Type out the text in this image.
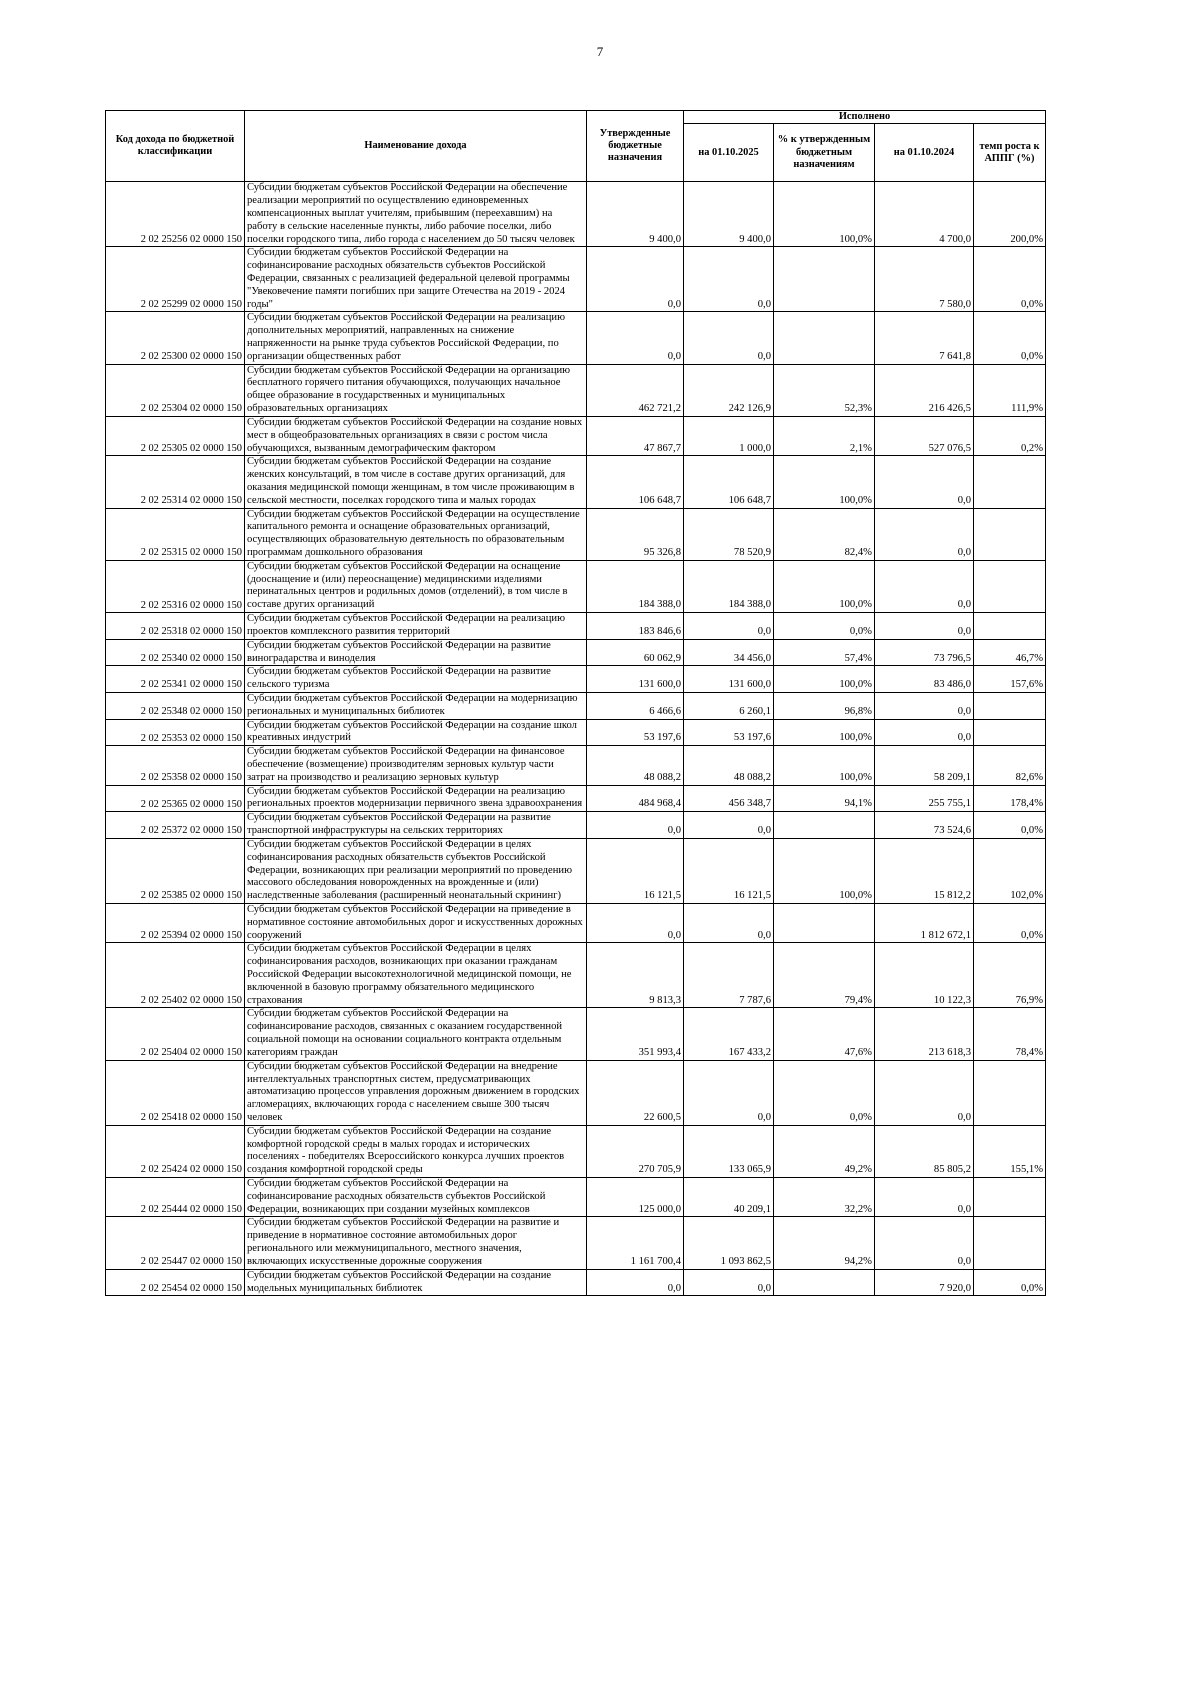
7
Код дохода по бюджетной классификации	Наименование дохода	Утвержденные бюджетные назначения	Исполнено			
			на 01.10.2025	% к утвержденным бюджетным назначениям	на 01.10.2024	темп роста к АППГ (%)
2 02 25256 02 0000 150	Субсидии бюджетам субъектов Российской Федерации на обеспечение реализации мероприятий по осуществлению единовременных компенсационных выплат учителям, прибывшим (переехавшим) на работу в сельские населенные пункты, либо рабочие поселки, либо поселки городского типа, либо города с населением до 50 тысяч человек	9 400,0	9 400,0	100,0%	4 700,0	200,0%
2 02 25299 02 0000 150	Субсидии бюджетам субъектов Российской Федерации на софинансирование расходных обязательств субъектов Российской Федерации, связанных с реализацией федеральной целевой программы "Увековечение памяти погибших при защите Отечества на 2019 - 2024 годы"	0,0	0,0		7 580,0	0,0%
2 02 25300 02 0000 150	Субсидии бюджетам субъектов Российской Федерации на реализацию дополнительных мероприятий, направленных на снижение напряженности на рынке труда субъектов Российской Федерации, по организации общественных работ	0,0	0,0		7 641,8	0,0%
2 02 25304 02 0000 150	Субсидии бюджетам субъектов Российской Федерации на организацию бесплатного горячего питания обучающихся, получающих начальное общее образование в государственных и муниципальных образовательных организациях	462 721,2	242 126,9	52,3%	216 426,5	111,9%
2 02 25305 02 0000 150	Субсидии бюджетам субъектов Российской Федерации на создание новых мест в общеобразовательных организациях в связи с ростом числа обучающихся, вызванным демографическим фактором	47 867,7	1 000,0	2,1%	527 076,5	0,2%
2 02 25314 02 0000 150	Субсидии бюджетам субъектов Российской Федерации на создание женских консультаций, в том числе в составе других организаций, для оказания медицинской помощи женщинам, в том числе проживающим в сельской местности, поселках городского типа и малых городах	106 648,7	106 648,7	100,0%	0,0	
2 02 25315 02 0000 150	Субсидии бюджетам субъектов Российской Федерации на осуществление капитального ремонта и оснащение образовательных организаций, осуществляющих образовательную деятельность по образовательным программам дошкольного образования	95 326,8	78 520,9	82,4%	0,0	
2 02 25316 02 0000 150	Субсидии бюджетам субъектов Российской Федерации на оснащение (дооснащение и (или) переоснащение) медицинскими изделиями перинатальных центров и родильных домов (отделений), в том числе в составе других организаций	184 388,0	184 388,0	100,0%	0,0	
2 02 25318 02 0000 150	Субсидии бюджетам субъектов Российской Федерации на реализацию проектов комплексного развития территорий	183 846,6	0,0	0,0%	0,0	
2 02 25340 02 0000 150	Субсидии бюджетам субъектов Российской Федерации на развитие виноградарства и виноделия	60 062,9	34 456,0	57,4%	73 796,5	46,7%
2 02 25341 02 0000 150	Субсидии бюджетам субъектов Российской Федерации на развитие сельского туризма	131 600,0	131 600,0	100,0%	83 486,0	157,6%
2 02 25348 02 0000 150	Субсидии бюджетам субъектов Российской Федерации на модернизацию региональных и муниципальных библиотек	6 466,6	6 260,1	96,8%	0,0	
2 02 25353 02 0000 150	Субсидии бюджетам субъектов Российской Федерации на создание школ креативных индустрий	53 197,6	53 197,6	100,0%	0,0	
2 02 25358 02 0000 150	Субсидии бюджетам субъектов Российской Федерации на финансовое обеспечение (возмещение) производителям зерновых культур части затрат на производство и реализацию зерновых культур	48 088,2	48 088,2	100,0%	58 209,1	82,6%
2 02 25365 02 0000 150	Субсидии бюджетам субъектов Российской Федерации на реализацию региональных проектов модернизации первичного звена здравоохранения	484 968,4	456 348,7	94,1%	255 755,1	178,4%
2 02 25372 02 0000 150	Субсидии бюджетам субъектов Российской Федерации на развитие транспортной инфраструктуры на сельских территориях	0,0	0,0		73 524,6	0,0%
2 02 25385 02 0000 150	Субсидии бюджетам субъектов Российской Федерации в целях софинансирования расходных обязательств субъектов Российской Федерации, возникающих при реализации мероприятий по проведению массового обследования новорожденных на врожденные и (или) наследственные заболевания (расширенный неонатальный скрининг)	16 121,5	16 121,5	100,0%	15 812,2	102,0%
2 02 25394 02 0000 150	Субсидии бюджетам субъектов Российской Федерации на приведение в нормативное состояние автомобильных дорог и искусственных дорожных сооружений	0,0	0,0		1 812 672,1	0,0%
2 02 25402 02 0000 150	Субсидии бюджетам субъектов Российской Федерации в целях софинансирования расходов, возникающих при оказании гражданам Российской Федерации высокотехнологичной медицинской помощи, не включенной в базовую программу обязательного медицинского страхования	9 813,3	7 787,6	79,4%	10 122,3	76,9%
2 02 25404 02 0000 150	Субсидии бюджетам субъектов Российской Федерации на софинансирование расходов, связанных с оказанием государственной социальной помощи на основании социального контракта отдельным категориям граждан	351 993,4	167 433,2	47,6%	213 618,3	78,4%
2 02 25418 02 0000 150	Субсидии бюджетам субъектов Российской Федерации на внедрение интеллектуальных транспортных систем, предусматривающих автоматизацию процессов управления дорожным движением в городских агломерациях, включающих города с населением свыше 300 тысяч человек	22 600,5	0,0	0,0%	0,0	
2 02 25424 02 0000 150	Субсидии бюджетам субъектов Российской Федерации на создание комфортной городской среды в малых городах и исторических поселениях - победителях Всероссийского конкурса лучших проектов создания комфортной городской среды	270 705,9	133 065,9	49,2%	85 805,2	155,1%
2 02 25444 02 0000 150	Субсидии бюджетам субъектов Российской Федерации на софинансирование расходных обязательств субъектов Российской Федерации, возникающих при создании музейных комплексов	125 000,0	40 209,1	32,2%	0,0	
2 02 25447 02 0000 150	Субсидии бюджетам субъектов Российской Федерации на развитие и приведение в нормативное состояние автомобильных дорог регионального или межмуниципального, местного значения, включающих искусственные дорожные сооружения	1 161 700,4	1 093 862,5	94,2%	0,0	
2 02 25454 02 0000 150	Субсидии бюджетам субъектов Российской Федерации на создание модельных муниципальных библиотек	0,0	0,0		7 920,0	0,0%
